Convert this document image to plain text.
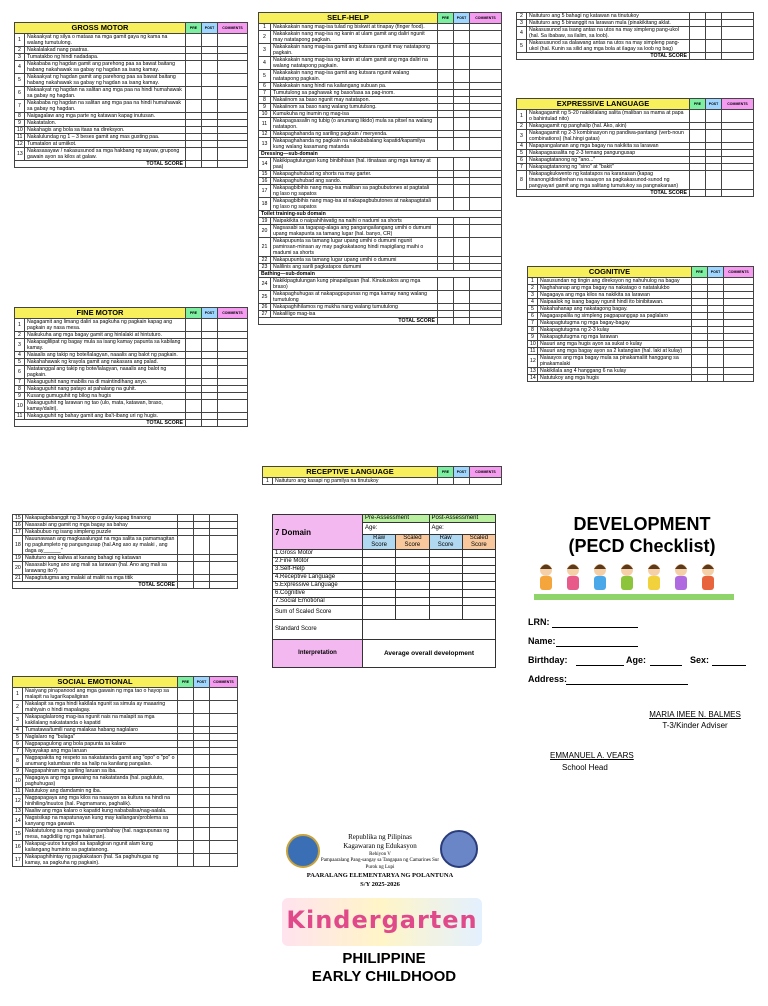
GROSS MOTOR		PRE	POST	COMMENTS
1	Nakaakyat ng silya o mataas na mga gamit gaya ng kama na walang tumutulong.			
2	Nakalalakad nang paatras.			
3	Tumatakbo ng hindi nadadapa.			
4	Nakababa ng hagdan gamit ang parehong paa sa bawat baitang habang nakahawak sa gabay ng hagdan sa isang kamay.			
5	Nakaakyat ng hagdan gamit ang parehong paa sa bawat baitang habang nakahawak sa gabay ng hagdan sa isang kamay.			
6	Nakaakyat ng hagdan na salitan ang mga paa na hindi humahawak sa gabay ng hagdan.			
7	Nakababa ng hagdan na salitan ang mga paa na hindi humahawak sa gabay ng hagdan.			
8	Naigagalaw ang mga parte ng katawan kapag inutusan.			
9	Nakatatalon.			
10	Nakahagis ang bola sa itaas na direksyon.			
11	Nakalulundag ng 1 – 3 beses gamit ang mas gusting paa.			
12	Tumatalon at umiikot.			
13	Nakasasayaw / nakasusunod sa mga hakbang ng sayaw, grupong gawain ayon sa kilos at galaw.			
TOTAL SCORE				
FINE MOTOR		PRE	POST	COMMENTS
1	Nagagamit ang limang daliri sa pagkuha ng pagkain kapag ang pagkain ay nasa mesa.			
2	Naikukuha ang mga bagay gamit ang hinlalaki at hintuturo.			
3	Nakapaglilipat ng bagay mula sa isang kamay papunta sa kabilang kamay.			
4	Naiaalis ang takip ng bote/lalagyan, naaalis ang balot ng pagkain.			
5	Nakahahawak ng krayola gamit ang nakasara ang palad.			
6	Natatanggal ang takip ng bote/lalagyan, naaalis ang balot ng pagkain.			
7	Nakaguguhit nang mabilis na di maintindihang anyo.			
8	Nakaguguhit nang patayo at pahalang na guhit.			
9	Kusang gumuguhit ng bilog na hugis			
10	Nakaguguhit ng larawan ng tao (ulo, mata, katawan, braso, kamay/daliri).			
11	Nakaguguhit ng bahay gamit ang iba't-ibang uri ng hugis.			
TOTAL SCORE				
SELF-HELP		PRE	POST	COMMENTS
1	Nakakakain nang mag-isa tulad ng biskwit at tinapay (finger food).			
2	Nakakakain nang mag-isa ng kanin at ulam gamit ang daliri ngunit may natatapong pagkain.			
3	Nakakakain nang mag-isa gamit ang kutsara ngunit may natatapong pagkain.			
4	Nakakakain nang mag-isa ng kanin at ulam gamit ang mga daliri na walang natatapong pagkain.			
5	Nakakakain nang mag-isa gamit ang kutsara ngunit walang natatapong pagkain.			
6	Nakakakain nang hindi na kailangang subuan pa.			
7	Tumutulong sa paghawak ng baso/tasa sa pag-inom.			
8	Nakaiinom sa baso ngunit may natatapon.			
9	Nakaiinom sa baso nang walang tumutulong.			
10	Kumukuha ng inumin ng mag-isa			
11	Nakapagsasalin ng tubig (o anumang likido) mula sa pitsel na walang natatapon.			
12	Nakapaghahanda ng sariling pagkain / meryenda.			
13	Nakapaghahanda ng pagkain na nakababalang kapatid/kapamilya kung walang kasamang matanda			
Dressing—sub-domain				
14	Nakikipagtulungan kung binibihisan (hal. itinataas ang mga kamay at paa)			
15	Nakapaghuhubad ng shorts na may garter.			
16	Nakapaghuhubad ang sando.			
17	Nakapagbibihis nang mag-isa maliban sa pagbubutones at pagtatali ng laso ng sapatos			
18	Nakapagbibihis nang mag-isa at nakapagbubutones at nakapagtatali ng laso ng sapatos			
Toilet training-sub domain				
19	Naipakikita o naipahihiwatig na naihi o nadumi sa shorts			
20	Nagsasabi sa tagapag-alaga ang pangangailangang umihi o dumumi upang makapunta sa tamang lugar (hal. banyo, CR)			
21	Nakapupunta sa tamang lugar upang umihi o dumumi ngunit paminsan-minsan ay may pagkakataong hindi mapigilang maihi o madumi sa shorts			
22	Nakapupunta sa tamang lugar upang umihi o dumumi			
23	Nalilinis ang sarili pagkatapos dumumi			
Bathing—sub-domain				
24	Nakikipagtulungan kung pinapaliguan (hal. Kinukuskos ang mga braso)			
25	Nakapaghuhugas at nakapagpupunas ng mga kamay nang walang tumutulong			
26	Nakapaghihilamos ng mukha nang walang tumutulong			
27	Nakaliligo mag-isa			
TOTAL SCORE				
RECEPTIVE LANGUAGE		PRE	POST	COMMENTS
1	Naituturo ang kasapi ng pamilya na tinutukoy			
2	Naituturo ang 5 bahagi ng katawan na tinutukoy			
3	Naituturo ang 5 binanggit na larawan mula (pinakikitang aklat.			
4	Nakasusunod sa isang antas na utos na may simpleng pang-ukol (hal. Sa ibabaw, sa ilalim, sa loob).			
5	Nakasusunod sa dalawang antas na utos na may simpleng pang-ukol (hal. Kunin sa silid ang mga bola at ilagay sa loob ng bag)			
TOTAL SCORE				
EXPRESSIVE LANGUAGE		PRE	POST	COMMENTS
1	Nakagagamit ng 5-20 nakikilalang salita (maliban sa mama at papa o bahintulad nito)			
2	Nakagagamit ng panghalip (hal. Ako, akin)			
3	Nakagagamit ng 2-3 kombinasyon ng pandiwa-pantangi (verb-noun combinations) (hal.hingi gatas)			
4	Napapangalanan ang mga bagay na nakikita sa larawan			
5	Nakapagsasalita ng 2-3 temang pangungusap			
6	Nakapagtatanong ng "ano..."			
7	Nakapagtatanong ng "sino" at "bakit"			
8	Nakapagkukwento ng katatapos na karanasan (kapag tinanong/dinidirehan na naaayon sa pagkakasunod-sunod ng pangyayari gamit ang mga salitang tumutukoy sa pangnakaraan)			
TOTAL SCORE				
COGNITIVE		PRE	POST	COMMENTS
1	Nasusundan ng tingin ang direksyon ng nahuhulog na bagay			
2	Naghahanap ang mga bagay na nakatago o natatalukbo			
3	Nagagaya ang mga kilos na nakikita sa larawan			
4	Naipaalok ng isang bagay ngunit hindi ito binibitawan.			
5	Nakahahanap ang nakatagong bagay.			
6	Nagagaspalila ng simpleng pagpapanggap sa paglalaro			
7	Nakapagtutugma ng mga bagay-bagay			
8	Nakapagtutugma ng 2-3 kulay			
9	Nakapagtutugma ng mga larawan			
10	Nauuri ang mga hugis ayon sa sukat o kulay			
11	Nauuri ang mga bagay ayon sa 2 katangian (hal. laki at kulay)			
12	Naiaayos ang mga bagay mula sa pinakamaliit hanggang sa pinakamalaki			
13	Nakikilala ang 4 hanggang 6 na kulay			
14	Natutukoy ang mga hugis			
15	Nakapagbabanggit ng 3 hayop o gulay kapag tinanong			
16	Nasasabi ang gamit ng mga bagay sa bahay			
17	Nakabubuo ng isang simpleng puzzle			
18	Nauunawaan ang magkasalungat na mga salita sa pamamagitan ng paglumpleto ng pangungusap (hal.Ang aso ay malaki , ang daga ay______"			
19	Naituturo ang kaliwa at kanang bahagi ng katawan			
20	Nasasabi kung ano ang mali sa larawan (hal. Ano ang mali sa larawang ito?)			
21	Napagtutugma ang malaki at maliit na mga titik			
TOTAL SCORE				
SOCIAL EMOTIONAL		PRE	POST	COMMENTS
1	Nasiyang pinapanood ang mga gawain ng mga tao o hayop sa malapit na lugar/kapaligiran			
2	Nakalapit sa mga hindi kakilala ngunit sa simula ay maaaring mahiyain o hindi mapalagay.			
3	Nakapaglalarong mag-isa ngunit nais na malapit sa mga kakilalang nakatatanda o kapatid			
4	Tumatawa/tumili nang malakas habang naglalaro			
5	Naglalaro ng "bulaga"			
6	Nagpapagulong ang bola papunta sa kalaro			
7	Niyayakap ang mga laruan			
8	Nagpapakita ng respeto sa nakatatanda gamit ang "opo" o "po" o anumang katumbas nito sa halip na kanilang pangalan.			
9	Nagpapahiram ng sariling laruan sa iba.			
10	Nagagaya ang mga gawaing na nakatatanda (hal. pagluluto, paghuhugas)			
11	Natutukoy ang damdamin ng iba.			
12	Nagpapagaya ang mga kilos na naaayon sa kultura na hindi na hinihiling/inuutos (hal. Pagmamano, paghalik).			
13	Naaliw ang mga kalaro o kapatid kung nababalisa/nag-aalala.			
14	Nagsisikap na mapatunayan kung may kailangan/problema sa kanyang mga gawain.			
15	Nakatutulong sa mga gawaing pambahay (hal. nagpupunas ng mesa, nagdidilig ng mga halaman).			
16	Nakapag-uutos tungkol sa kapaligiran ngunit alam kung kailangang huminto sa pagtatanong.			
17	Nakapaghihintay ng pagkakataon (hal. Sa paghuhugas ng kamay, sa pagkuha ng pagkain).			
7 Domain	Pre-Assessment		Post-Assessment	
	Age:		Age:	
	Raw Score	Scaled Score	Raw Score	Scaled Score
1.Gross Motor				
2.Fine Motor				
3.Self-Help				
4.Receptive Language				
5.Expressive Language				
6.Cognitive				
7.Social Emotional				
Sum of Scaled Score				
Standard Score				
Interpretation	Average overall development			
DEVELOPMENT
(PECD Checklist)
LRN:
Name:
Birthday:	Age:	Sex:
Address:
MARIA IMEE N. BALMES
T-3/Kinder Adviser
EMMANUEL A. VEARS
School Head
Republika ng Pilipinas
Kagawaran ng Edukasyon
Rehiyon V
Pampaaralang Pang-sangay sa Tangapan ng Camarines Sur
Purok ng Lupi
PAARALANG ELEMENTARYA NG POLANTUNA
S/Y 2025-2026
Kindergarten
PHILIPPINE
EARLY CHILDHOOD
